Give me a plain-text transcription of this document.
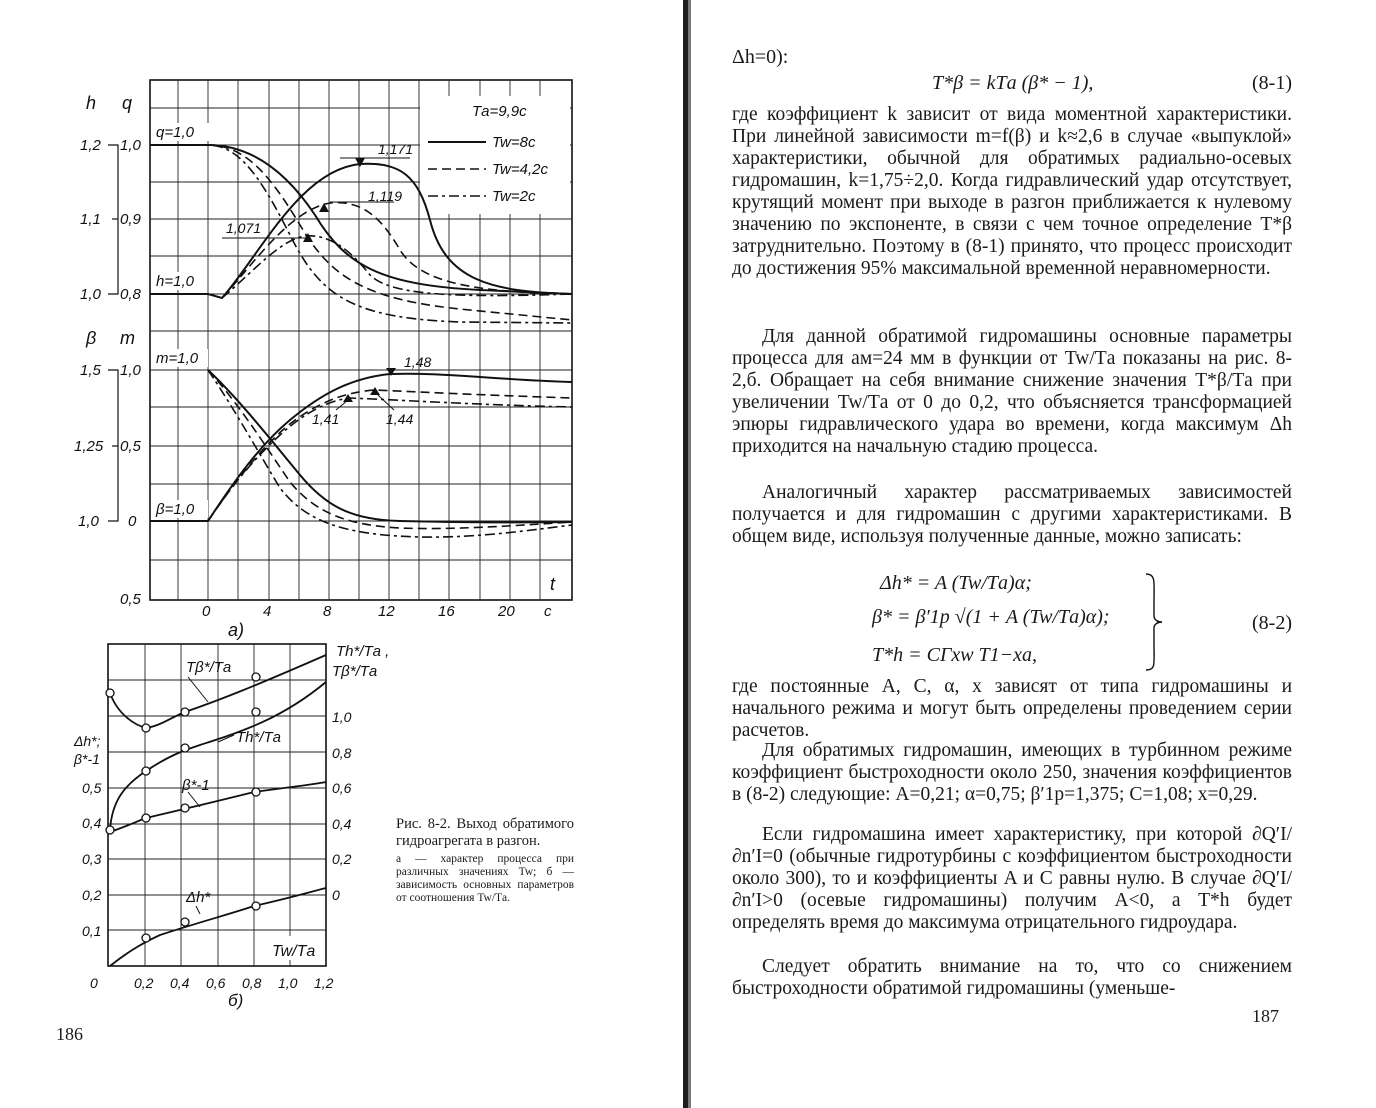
h q
β m
1,2 1,0
1,1 0,9
1,0 0,8
1,5 1,0
1,25 0,5
1,0 0
0,5
0	4	8	12	16	20 с
t
а)
q=1,0
h=1,0
m=1,0
β=1,0
1,171
1,119
1,071
1,48
1,41	1,44
Tа=9,9с
Tw=8с
Tw=4,2с
Tw=2с
0,5
0,4
0,3
0,2
0,1
0
Δh*;
β*-1
1,0
0,8
0,6
0,4
0,2
0
Th*/Tа ,
Tβ*/Tа
0,2 0,4 0,6 0,8 1,0 1,2
Tw/Tа
б)
Tβ*/Tа
Th*/Tа
β*-1
Δh*
Рис. 8-2. Выход обратимого гидроагрегата в разгон.
а — характер процесса при различных значениях Tw; б — зависимость основных параметров от соотношения Tw/Tа.
186
Δh=0):
T*β = kTа (β* − 1),	(8-1)

где коэффициент k зависит от вида моментной характеристики. При линейной зависимости m=f(β) и k≈2,6 в случае «выпуклой» характеристики, обычной для обратимых радиально-осевых гидромашин, k=1,75÷2,0. Когда гидравлический удар отсутствует, крутящий момент при выходе в разгон приближается к нулевому значению по экспоненте, в связи с чем точное определение T*β затруднительно. Поэтому в (8-1) принято, что процесс происходит до достижения 95% максимальной временной неравномерности.

Для данной обратимой гидромашины основные параметры процесса для aм=24 мм в функции от Tw/Tа показаны на рис. 8-2,б. Обращает на себя внимание снижение значения T*β/Tа при увеличении Tw/Tа от 0 до 0,2, что объясняется трансформацией эпюры гидравлического удара во времени, когда максимум Δh приходится на начальную стадию процесса.

Аналогичный характер рассматриваемых зависимостей получается и для гидромашин с другими характеристиками. В общем виде, используя полученные данные, можно записать:

Δh* = A (Tw/Tа)α;
β* = β′1р √(1 + A (Tw/Tа)α);
T*h = CΓxw T1−xа,
(8-2)

где постоянные A, C, α, x зависят от типа гидромашины и начального режима и могут быть определены проведением серии расчетов.

Для обратимых гидромашин, имеющих в турбинном режиме коэффициент быстроходности около 250, значения коэффициентов в (8-2) следующие: A=0,21; α=0,75; β′1р=1,375; C=1,08; x=0,29.

Если гидромашина имеет характеристику, при которой ∂Q′I/∂n′I=0 (обычные гидротурбины с коэффициентом быстроходности около 300), то и коэффициенты A и C равны нулю. В случае ∂Q′I/∂n′I>0 (осевые гидромашины) получим A<0, а T*h будет определять время до максимума отрицательного гидроудара.

Следует обратить внимание на то, что со снижением быстроходности обратимой гидромашины (уменьше-

187
